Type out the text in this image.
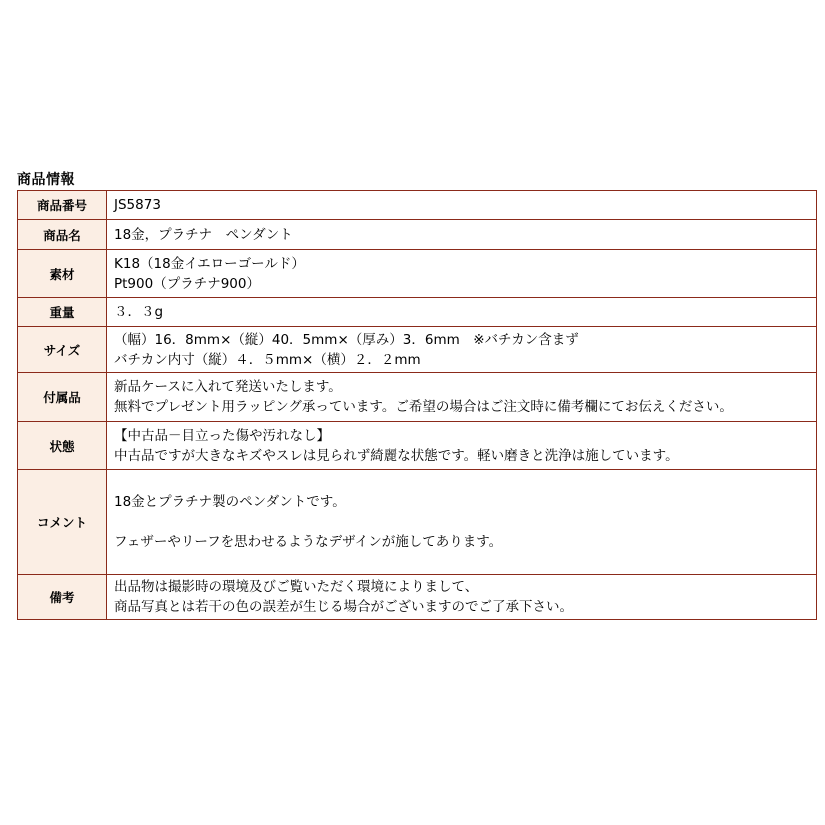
商品情報
商品番号	JS5873

商品名	18金，プラチナ　ペンダント

素材	K18（18金イエローゴールド）
Pt900（プラチナ900）

重量	３．３g

サイズ	（幅）16．8mm×（縦）40．5mm×（厚み）3．6mm　※バチカン含まず
バチカン内寸（縦）４．５mm×（横）２．２mm

付属品	新品ケースに入れて発送いたします。
無料でプレゼント用ラッピング承っています。ご希望の場合はご注文時に備考欄にてお伝えください。

状態	【中古品－目立った傷や汚れなし】
中古品ですが大きなキズやスレは見られず綺麗な状態です。軽い磨きと洗浄は施しています。

コメント	18金とプラチナ製のペンダントです。
フェザーやリーフを思わせるようなデザインが施してあります。

備考	出品物は撮影時の環境及びご覧いただく環境によりまして、
商品写真とは若干の色の誤差が生じる場合がございますのでご了承下さい。
